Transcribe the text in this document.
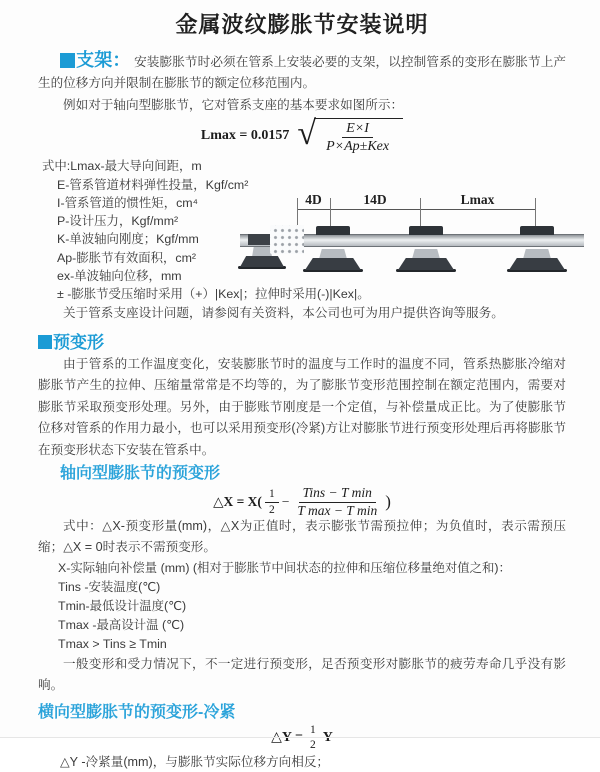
金属波纹膨胀节安装说明

支架： 安装膨胀节时必须在管系上安装必要的支架，以控制管系的变形在膨胀节上产生的位移方向并限制在膨胀节的额定位移范围内。

例如对于轴向型膨胀节，它对管系支座的基本要求如图所示：

Lmax = 0.0157 √ $\frac{E\times I}{\text{P×Ap±Kex}}$
式中:Lmax-最大导向间距，m
E-管系管道材料弹性投量，Kgf/cm²
I-管系管道的惯性矩，cm⁴
P-设计压力，Kgf/mm²
K-单波轴向刚度；Kgf/mm
Ap-膨胀节有效面积，cm²
ex-单波轴向位移，mm
± -膨胀节受压缩时采用（+）|Kex|；拉伸时采用(-)|Kex|。

关于管系支座设计问题，请参阅有关资料，本公司也可为用户提供咨询等服务。

4D	14D	Lmax
预变形

由于管系的工作温度变化，安装膨胀节时的温度与工作时的温度不同，管系热膨胀冷缩对膨胀节产生的拉伸、压缩量常常是不均等的，为了膨胀节变形范围控制在额定范围内，需要对膨胀节采取预变形处理。另外，由于膨账节刚度是一个定值，与补偿量成正比。为了使膨胀节位移对管系的作用力最小，也可以采用预变形(冷紧)方让对膨胀节进行预变形处理后再将膨胀节在预变形状态下安装在管系中。

轴向型膨胀节的预变形
△X = $X( \frac{1}{2} - \frac{\text{Tins − T min}}{\text{T max − T min}}$ )

式中：△X-预变形量(mm)，△X为正值时，表示膨张节需预拉伸；为负值时，表示需预压缩；△X = 0时表示不需预变形。

X-实际轴向补偿量 (mm) (相对于膨胀节中间状态的拉伸和压缩位移量绝对值之和)：
Tins -安装温度(℃)
Tmin-最低设计温度(℃)
Tmax -最高设计温 (℃)
Tmax > Tins ≥ Tmin

一般变形和受力情况下，不一定进行预变形，足否预变形对膨胀节的疲劳寿命几乎没有影响。

横向型膨胀节的预变形-冷紧
△Y = $\frac{1}{2}$ Y
△Y -冷紧量(mm)，与膨胀节实际位移方向相反；
